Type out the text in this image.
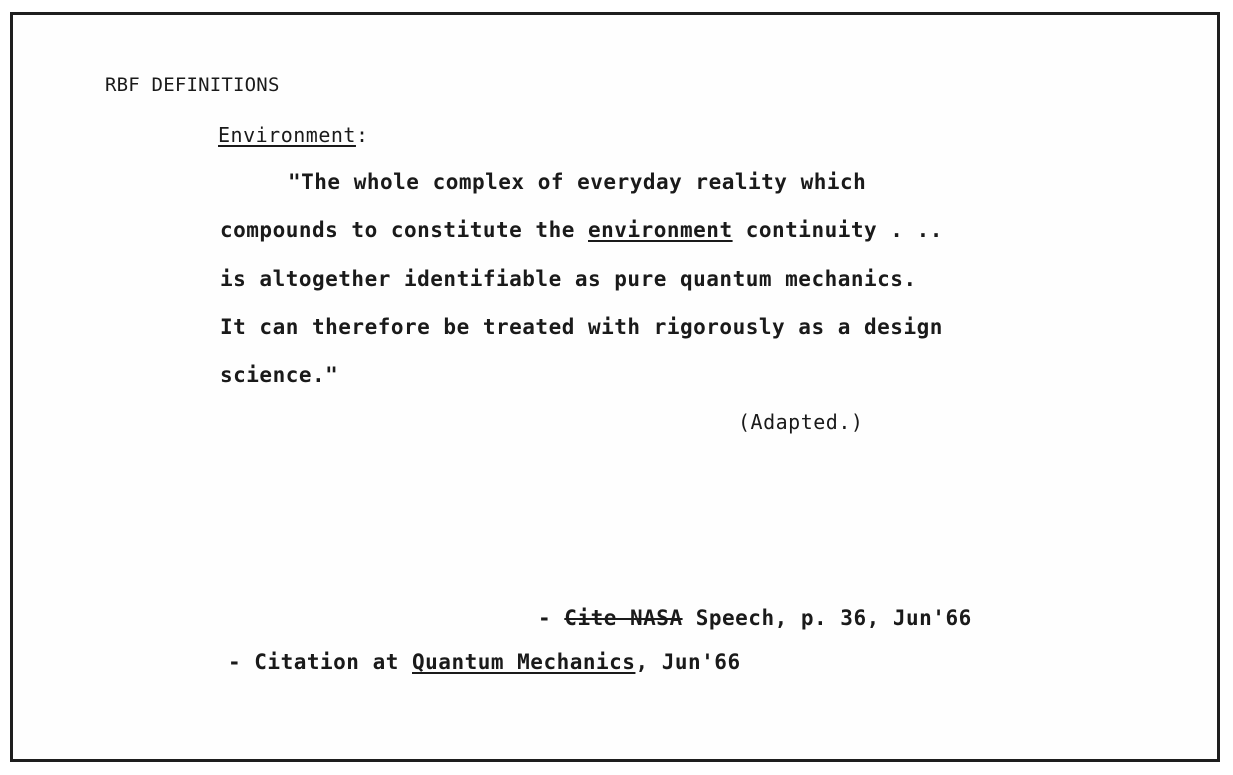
RBF DEFINITIONS
Environment:
"The whole complex of everyday reality which
compounds to constitute the environment continuity . ..
is altogether identifiable as pure quantum mechanics.
It can therefore be treated with rigorously as a design
science."
(Adapted.)
- Cite NASA Speech, p. 36, Jun'66
- Citation at Quantum Mechanics, Jun'66
